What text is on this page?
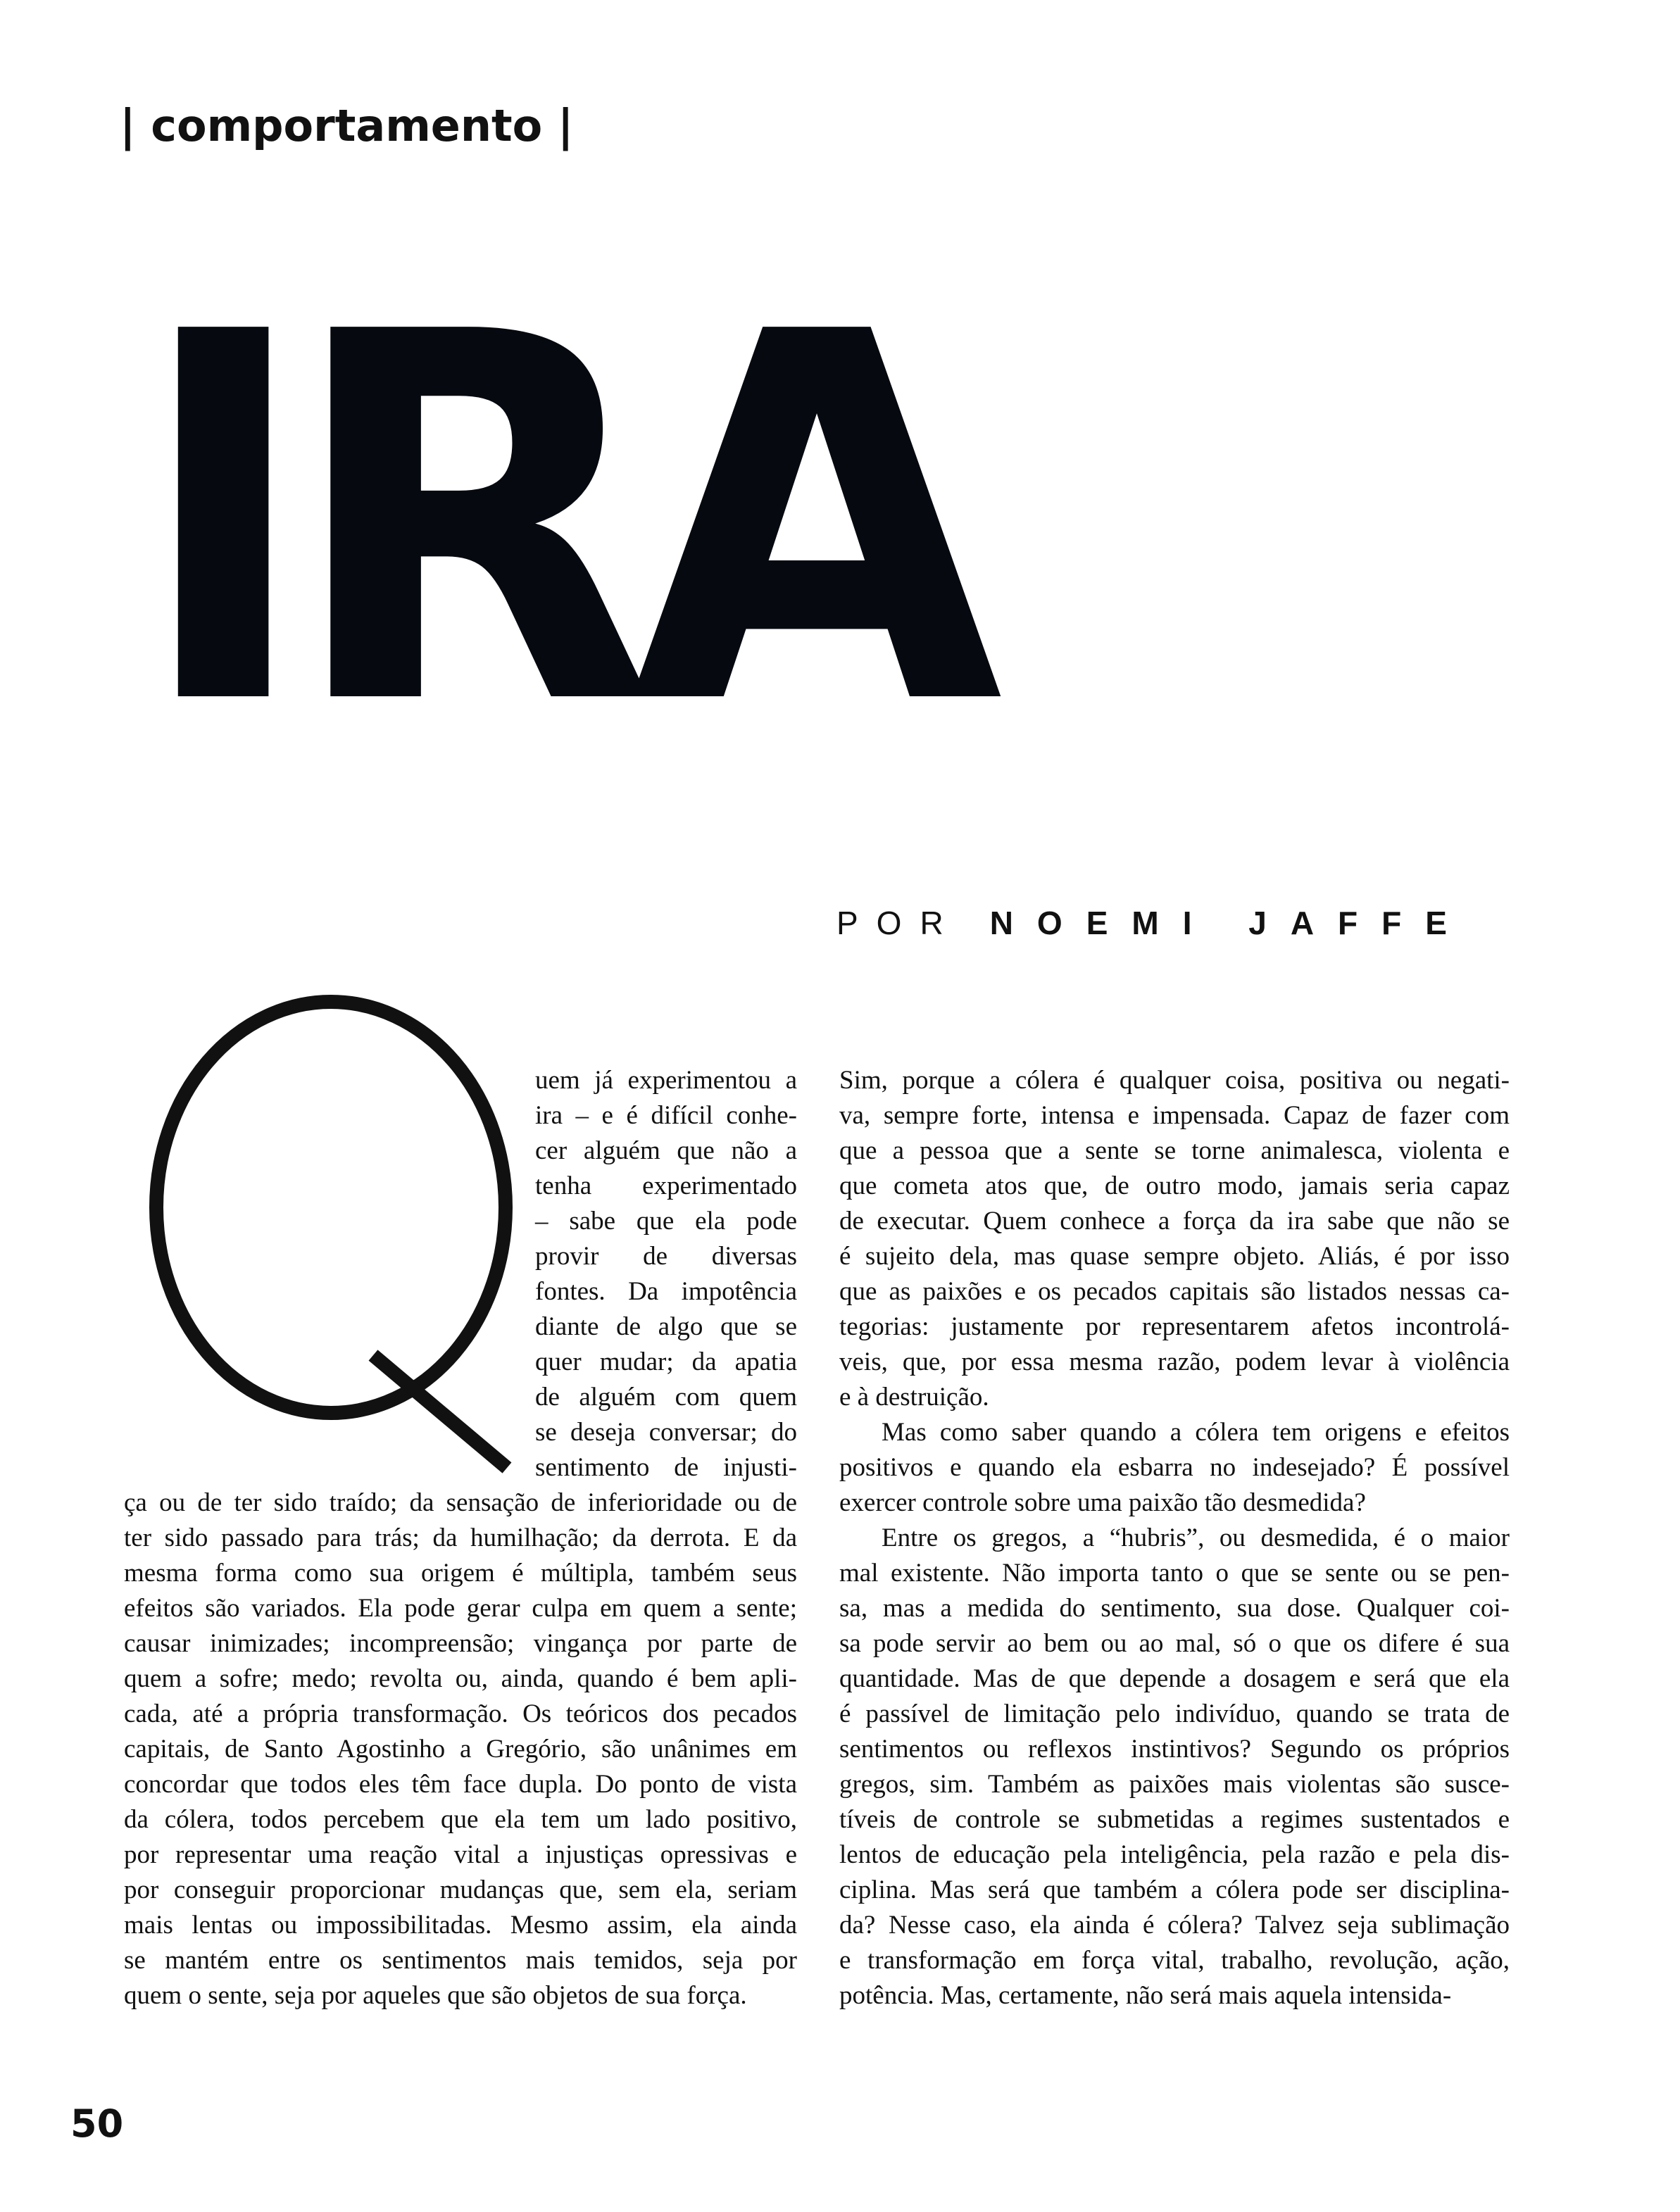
| comportamento |
IRA
POR NOEMI JAFFE
Q
uem já experimentou a
ira – e é difícil conhe-
cer alguém que não a
tenha experimentado
– sabe que ela pode
provir de diversas
fontes. Da impotência
diante de algo que se
quer mudar; da apatia
de alguém com quem
se deseja conversar; do
sentimento de injusti-
ça ou de ter sido traído; da sensação de inferioridade ou de
ter sido passado para trás; da humilhação; da derrota. E da
mesma forma como sua origem é múltipla, também seus
efeitos são variados. Ela pode gerar culpa em quem a sente;
causar inimizades; incompreensão; vingança por parte de
quem a sofre; medo; revolta ou, ainda, quando é bem apli-
cada, até a própria transformação. Os teóricos dos pecados
capitais, de Santo Agostinho a Gregório, são unânimes em
concordar que todos eles têm face dupla. Do ponto de vista
da cólera, todos percebem que ela tem um lado positivo,
por representar uma reação vital a injustiças opressivas e
por conseguir proporcionar mudanças que, sem ela, seriam
mais lentas ou impossibilitadas. Mesmo assim, ela ainda
se mantém entre os sentimentos mais temidos, seja por
quem o sente, seja por aqueles que são objetos de sua força.
Sim, porque a cólera é qualquer coisa, positiva ou negati-
va, sempre forte, intensa e impensada. Capaz de fazer com
que a pessoa que a sente se torne animalesca, violenta e
que cometa atos que, de outro modo, jamais seria capaz
de executar. Quem conhece a força da ira sabe que não se
é sujeito dela, mas quase sempre objeto. Aliás, é por isso
que as paixões e os pecados capitais são listados nessas ca-
tegorias: justamente por representarem afetos incontrolá-
veis, que, por essa mesma razão, podem levar à violência
e à destruição.
Mas como saber quando a cólera tem origens e efeitos
positivos e quando ela esbarra no indesejado? É possível
exercer controle sobre uma paixão tão desmedida?
Entre os gregos, a “hubris”, ou desmedida, é o maior
mal existente. Não importa tanto o que se sente ou se pen-
sa, mas a medida do sentimento, sua dose. Qualquer coi-
sa pode servir ao bem ou ao mal, só o que os difere é sua
quantidade. Mas de que depende a dosagem e será que ela
é passível de limitação pelo indivíduo, quando se trata de
sentimentos ou reflexos instintivos? Segundo os próprios
gregos, sim. Também as paixões mais violentas são susce-
tíveis de controle se submetidas a regimes sustentados e
lentos de educação pela inteligência, pela razão e pela dis-
ciplina. Mas será que também a cólera pode ser disciplina-
da? Nesse caso, ela ainda é cólera? Talvez seja sublimação
e transformação em força vital, trabalho, revolução, ação,
potência. Mas, certamente, não será mais aquela intensida-
50
